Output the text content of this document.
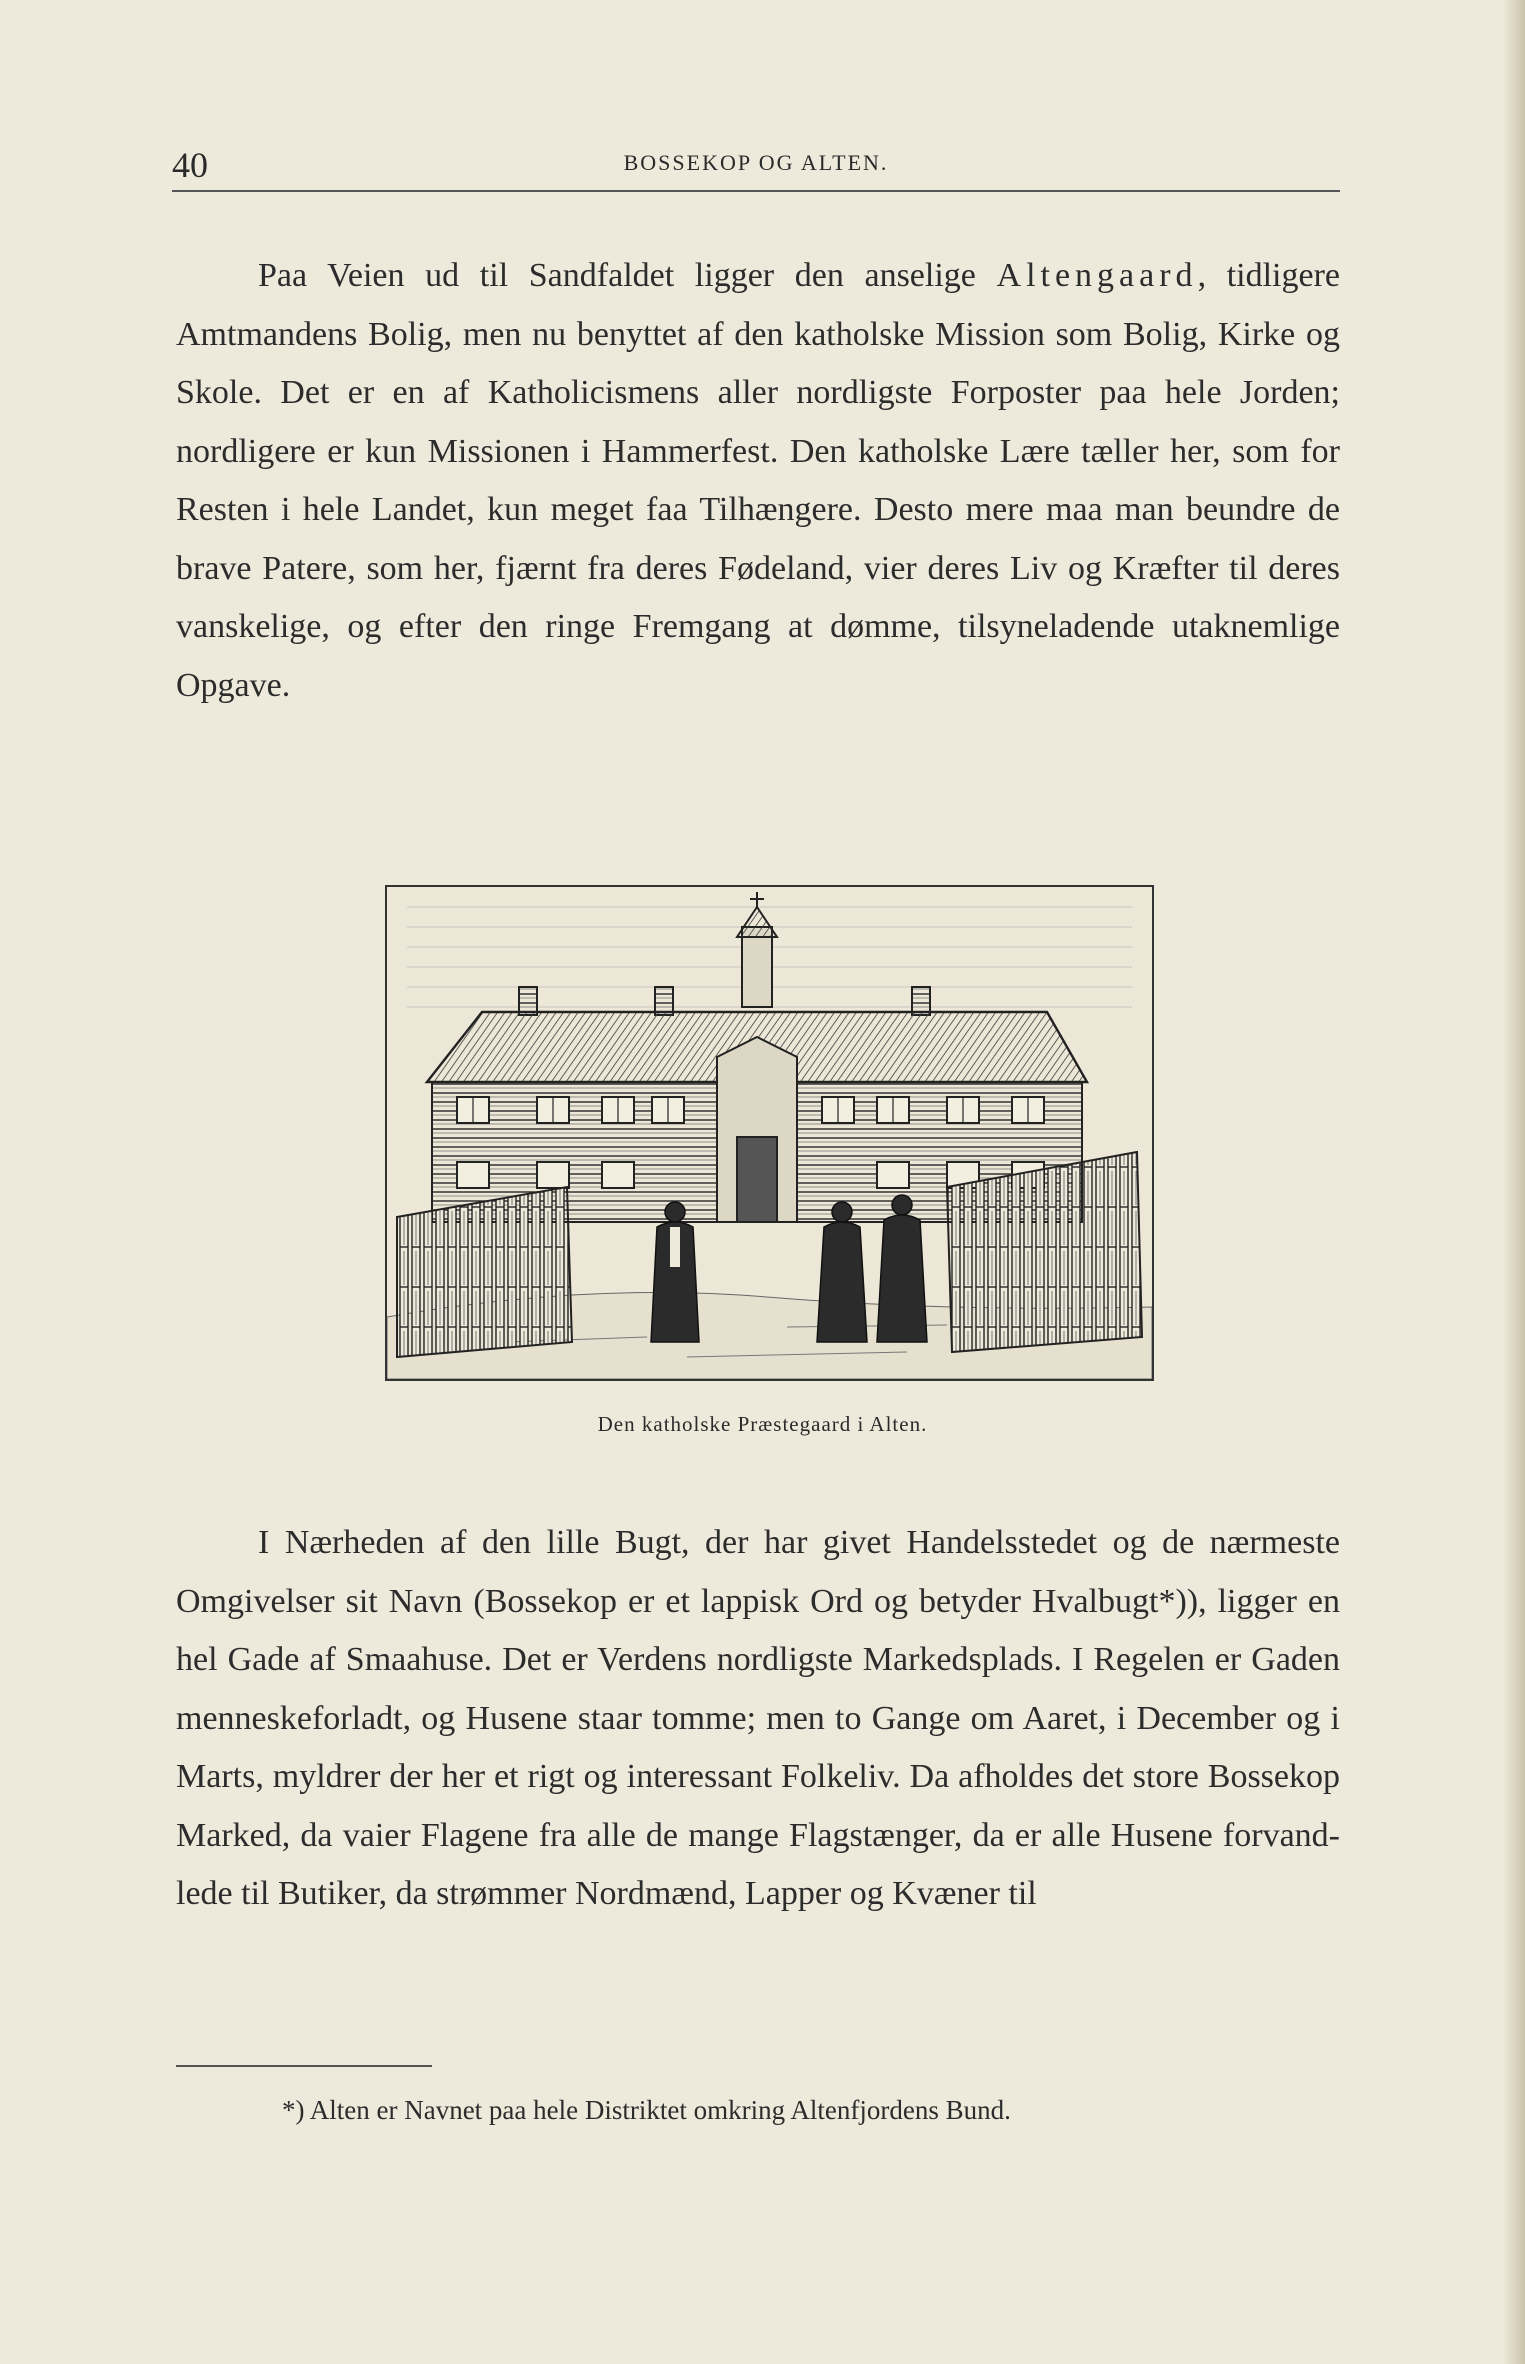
40	BOSSEKOP OG ALTEN.

Paa Veien ud til Sandfaldet ligger den anselige Altengaard, tidligere Amtmandens Bolig, men nu benyttet af den katholske Mission som Bolig, Kirke og Skole. Det er en af Katholicismens aller nordligste Forposter paa hele Jorden; nordligere er kun Missionen i Hammerfest. Den katholske Lære tæller her, som for Resten i hele Landet, kun meget faa Tilhængere. Desto mere maa man beundre de brave Patere, som her, fjærnt fra deres Fødeland, vier deres Liv og Kræfter til deres vanskelige, og efter den ringe Fremgang at dømme, tilsyneladende utaknemlige Opgave.

Den katholske Præstegaard i Alten.

I Nærheden af den lille Bugt, der har givet Handelsstedet og de nærmeste Omgivelser sit Navn (Bossekop er et lappisk Ord og betyder Hvalbugt*)), ligger en hel Gade af Smaahuse. Det er Verdens nordligste Markedsplads. I Regelen er Gaden menneskeforladt, og Husene staar tomme; men to Gange om Aaret, i December og i Marts, myldrer der her et rigt og interessant Folkeliv. Da afholdes det store Bossekop Marked, da vaier Flagene fra alle de mange Flagstænger, da er alle Husene forvandlede til Butiker, da strømmer Nordmænd, Lapper og Kvæner til

*) Alten er Navnet paa hele Distriktet omkring Altenfjordens Bund.
